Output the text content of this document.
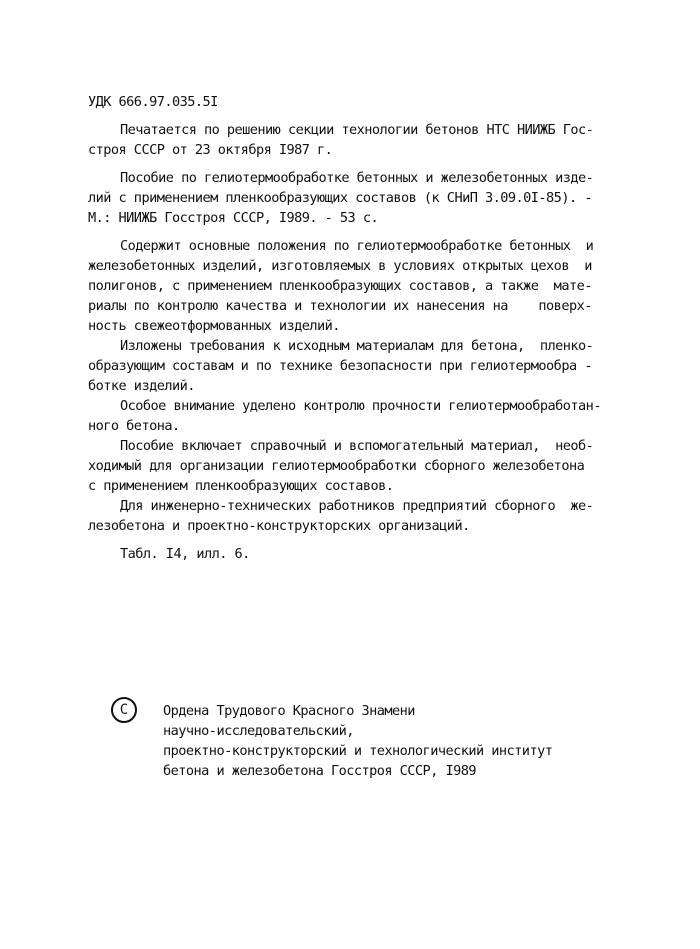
УДК 666.97.035.5I
Печатается по решению секции технологии бетонов НТС НИИЖБ Гос-
строя СССР от 23 октября I987 г.
Пособие по гелиотермообработке бетонных и железобетонных изде-
лий с применением пленкообразующих составов (к СНиП 3.09.0I-85). -
М.: НИИЖБ Госстроя СССР, I989. - 53 с.
Содержит основные положения по гелиотермообработке бетонных  и
железобетонных изделий, изготовляемых в условиях открытых цехов  и
полигонов, с применением пленкообразующих составов, а также  мате-
риалы по контролю качества и технологии их нанесения на    поверх-
ность свежеотформованных изделий.
Изложены требования к исходным материалам для бетона,  пленко-
образующим составам и по технике безопасности при гелиотермообра -
ботке изделий.
Особое внимание уделено контролю прочности гелиотермообработан-
ного бетона.
Пособие включает справочный и вспомогательный материал,  необ-
ходимый для организации гелиотермообработки сборного железобетона
с применением пленкообразующих составов.
Для инженерно-технических работников предприятий сборного  же-
лезобетона и проектно-конструкторских организаций.
Табл. I4, илл. 6.
С	Ордена Трудового Красного Знамени
научно-исследовательский,
проектно-конструкторский и технологический институт
бетона и железобетона Госстроя СССР, I989
